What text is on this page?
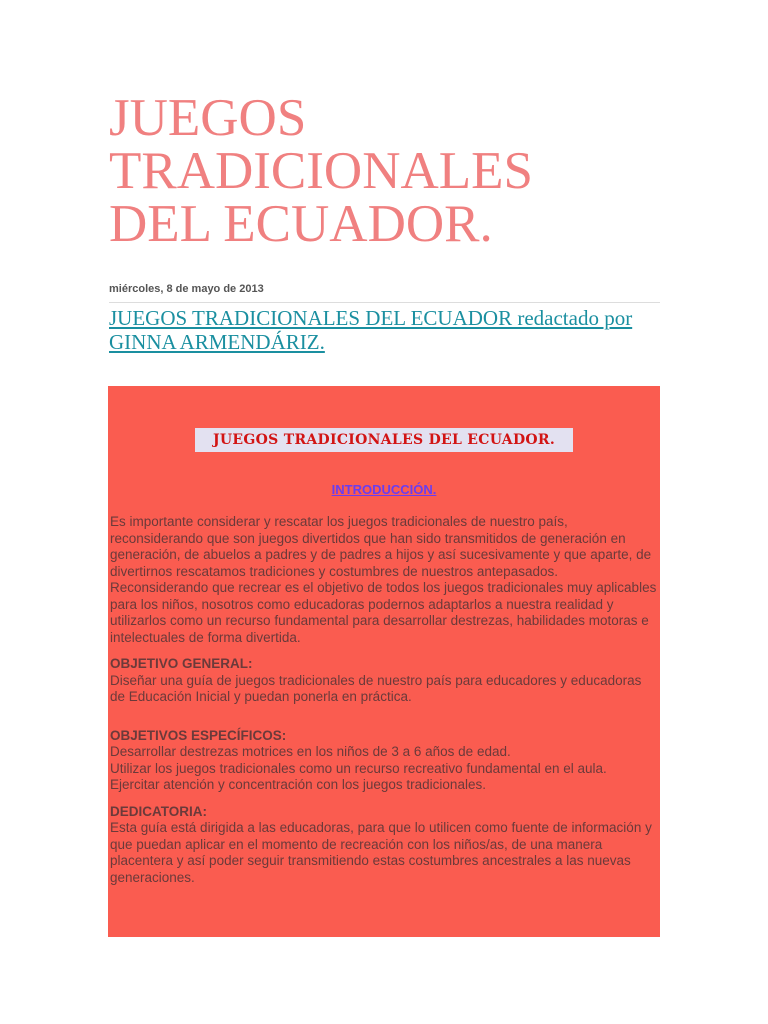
JUEGOS
TRADICIONALES
DEL ECUADOR.
miércoles, 8 de mayo de 2013
JUEGOS TRADICIONALES DEL ECUADOR redactado por GINNA ARMENDÁRIZ.
JUEGOS TRADICIONALES DEL ECUADOR.

INTRODUCCIÓN.

Es importante considerar y rescatar los juegos tradicionales de nuestro país, reconsiderando que son juegos divertidos que han sido transmitidos de generación en generación, de abuelos a padres y de padres a hijos y así sucesivamente y que aparte, de divertirnos rescatamos tradiciones y costumbres de nuestros antepasados.

Reconsiderando que recrear es el objetivo de todos los juegos tradicionales muy aplicables para los niños, nosotros como educadoras podernos adaptarlos a nuestra realidad y utilizarlos como un recurso fundamental para desarrollar destrezas, habilidades motoras e intelectuales de forma divertida.

OBJETIVO GENERAL:

Diseñar una guía de juegos tradicionales de nuestro país para educadores y educadoras de Educación Inicial y puedan ponerla en práctica.

OBJETIVOS ESPECÍFICOS:

Desarrollar destrezas motrices en los niños de 3 a 6 años de edad.

Utilizar los juegos tradicionales como un recurso recreativo fundamental en el aula.

Ejercitar atención y concentración con los juegos tradicionales.

DEDICATORIA:

Esta guía está dirigida a las educadoras, para que lo utilicen como fuente de información y que puedan aplicar en el momento de recreación con los niños/as, de una manera placentera y así poder seguir transmitiendo estas costumbres ancestrales a las nuevas generaciones.
